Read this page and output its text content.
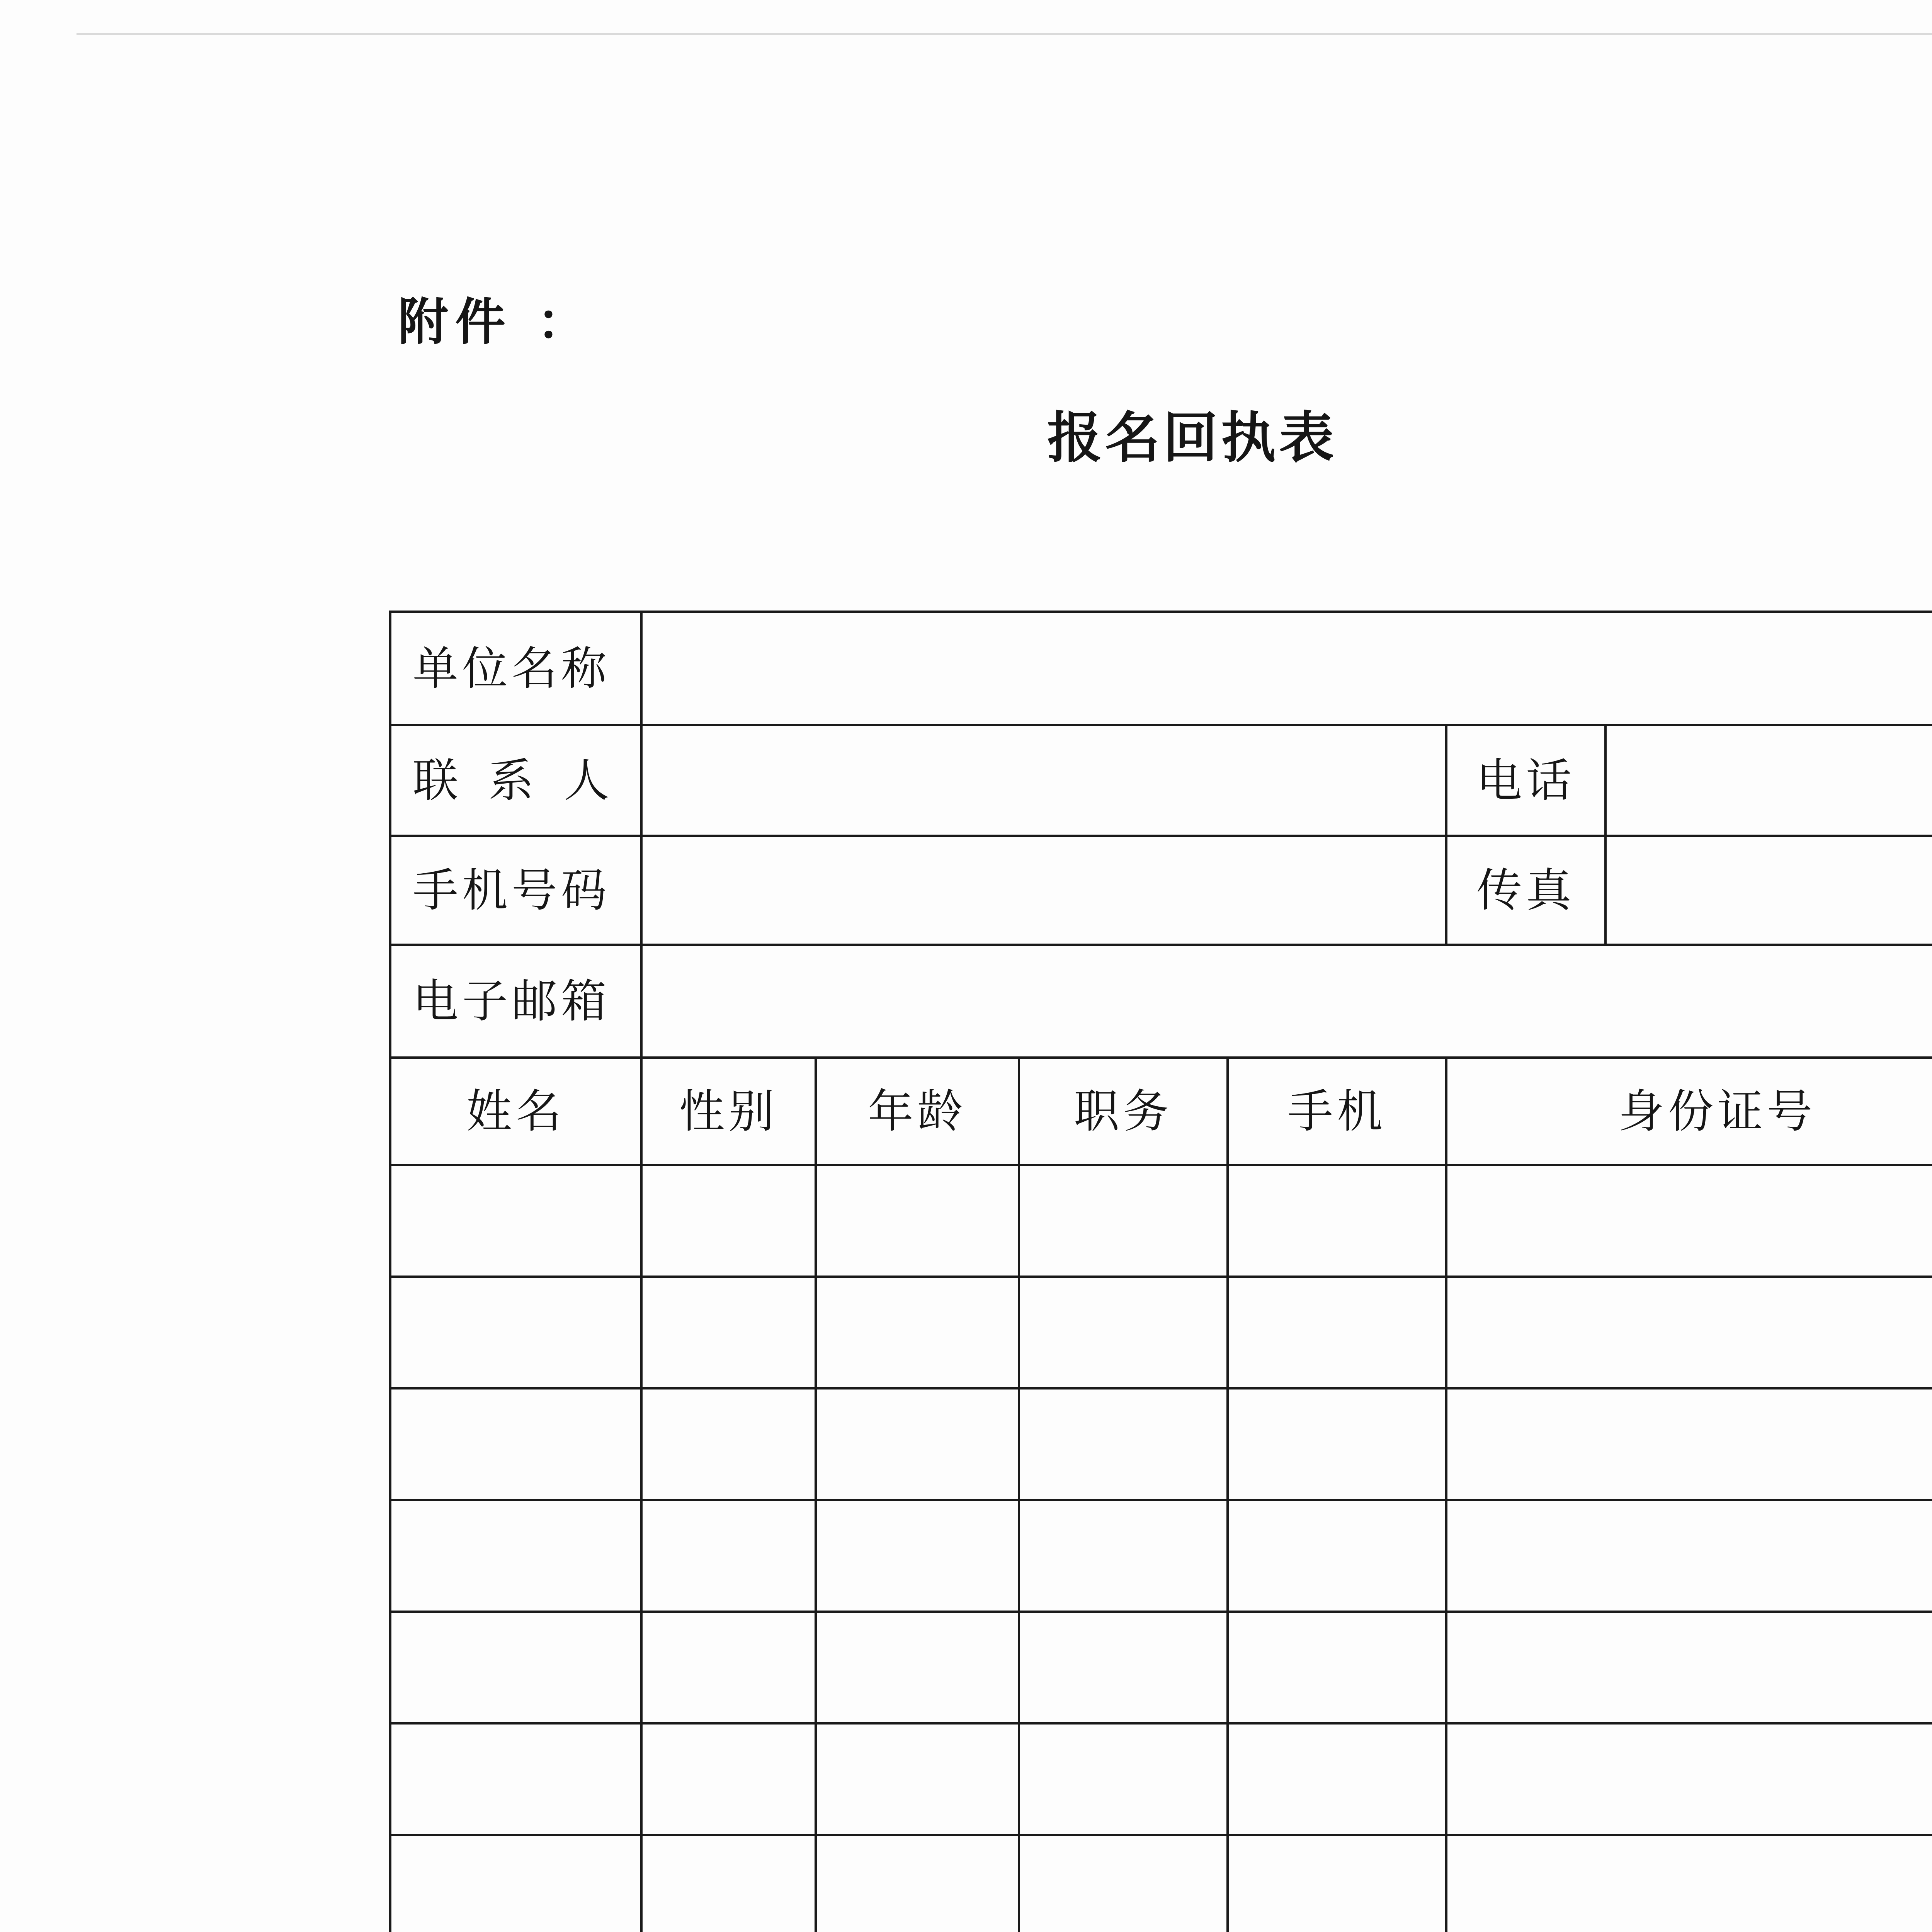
附件 ：
报名回执表
单位名称						
联 系 人					电话	
手机号码					传真	
电子邮箱						
姓名	性别	年龄	职务	手机	身份证号	
